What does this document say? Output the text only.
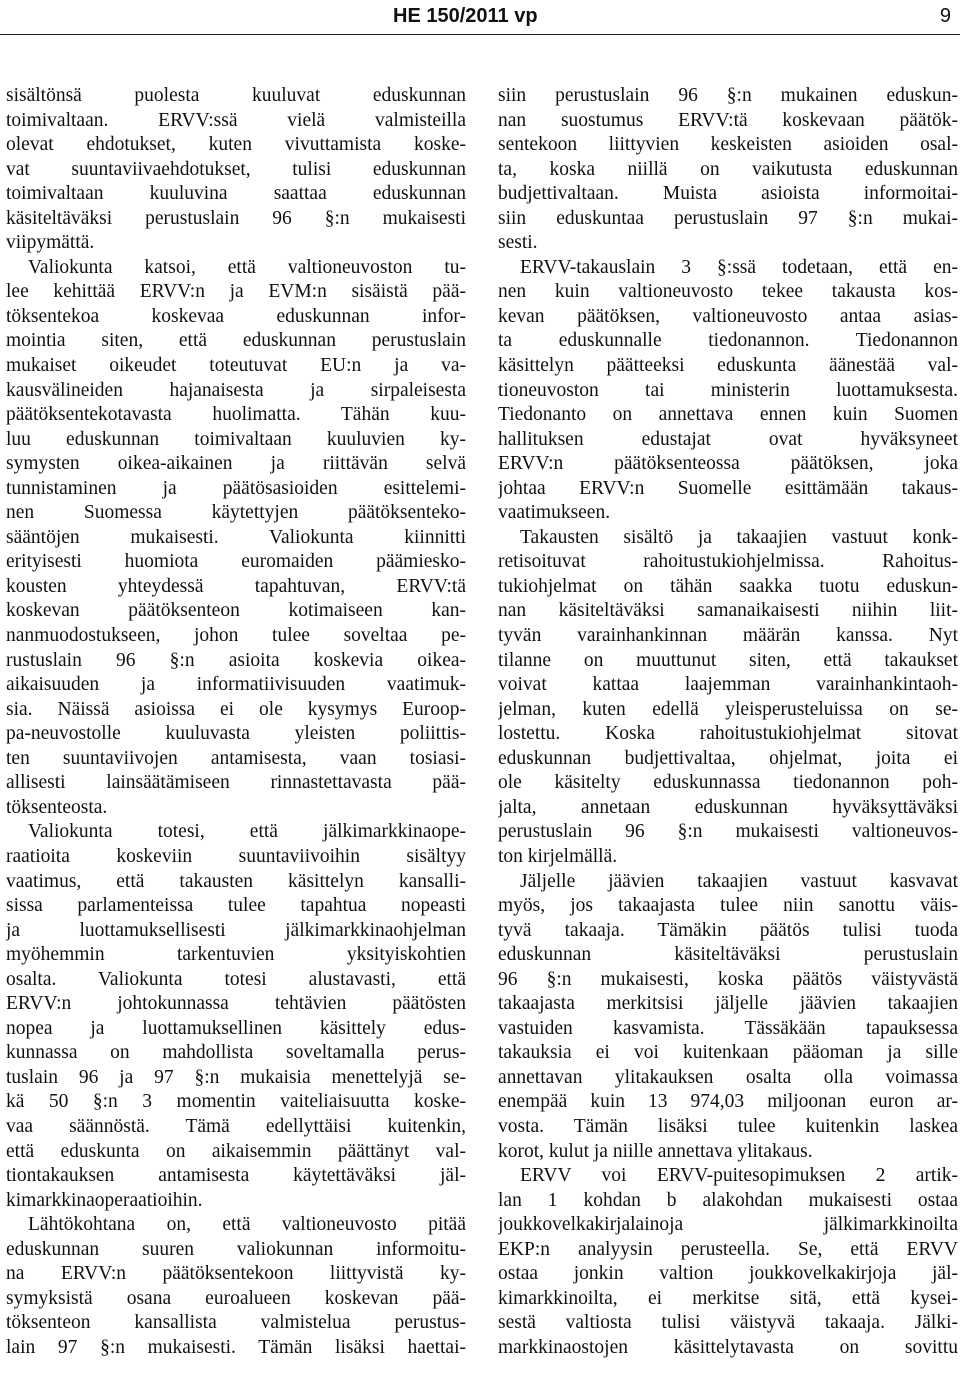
HE 150/2011 vp	9
sisältönsä puolesta kuuluvat eduskunnan
toimivaltaan. ERVV:ssä vielä valmisteilla
olevat ehdotukset, kuten vivuttamista koske-
vat suuntaviivaehdotukset, tulisi eduskunnan
toimivaltaan kuuluvina saattaa eduskunnan
käsiteltäväksi perustuslain 96 §:n mukaisesti
viipymättä.
Valiokunta katsoi, että valtioneuvoston tu-
lee kehittää ERVV:n ja EVM:n sisäistä pää-
töksentekoa koskevaa eduskunnan infor-
mointia siten, että eduskunnan perustuslain
mukaiset oikeudet toteutuvat EU:n ja va-
kausvälineiden hajanaisesta ja sirpaleisesta
päätöksentekotavasta huolimatta. Tähän kuu-
luu eduskunnan toimivaltaan kuuluvien ky-
symysten oikea-aikainen ja riittävän selvä
tunnistaminen ja päätösasioiden esittelemi-
nen Suomessa käytettyjen päätöksenteko-
sääntöjen mukaisesti. Valiokunta kiinnitti
erityisesti huomiota euromaiden päämiesko-
kousten yhteydessä tapahtuvan, ERVV:tä
koskevan päätöksenteon kotimaiseen kan-
nanmuodostukseen, johon tulee soveltaa pe-
rustuslain 96 §:n asioita koskevia oikea-
aikaisuuden ja informatiivisuuden vaatimuk-
sia. Näissä asioissa ei ole kysymys Euroop-
pa-neuvostolle kuuluvasta yleisten poliittis-
ten suuntaviivojen antamisesta, vaan tosiasi-
allisesti lainsäätämiseen rinnastettavasta pää-
töksenteosta.
Valiokunta totesi, että jälkimarkkinaope-
raatioita koskeviin suuntaviivoihin sisältyy
vaatimus, että takausten käsittelyn kansalli-
sissa parlamenteissa tulee tapahtua nopeasti
ja luottamuksellisesti jälkimarkkinaohjelman
myöhemmin tarkentuvien yksityiskohtien
osalta. Valiokunta totesi alustavasti, että
ERVV:n johtokunnassa tehtävien päätösten
nopea ja luottamuksellinen käsittely edus-
kunnassa on mahdollista soveltamalla perus-
tuslain 96 ja 97 §:n mukaisia menettelyjä se-
kä 50 §:n 3 momentin vaiteliaisuutta koske-
vaa säännöstä. Tämä edellyttäisi kuitenkin,
että eduskunta on aikaisemmin päättänyt val-
tiontakauksen antamisesta käytettäväksi jäl-
kimarkkinaoperaatioihin.
Lähtökohtana on, että valtioneuvosto pitää
eduskunnan suuren valiokunnan informoitu-
na ERVV:n päätöksentekoon liittyvistä ky-
symyksistä osana euroalueen koskevan pää-
töksenteon kansallista valmistelua perustus-
lain 97 §:n mukaisesti. Tämän lisäksi haettai-
siin perustuslain 96 §:n mukainen eduskun-
nan suostumus ERVV:tä koskevaan päätök-
sentekoon liittyvien keskeisten asioiden osal-
ta, koska niillä on vaikutusta eduskunnan
budjettivaltaan. Muista asioista informoitai-
siin eduskuntaa perustuslain 97 §:n mukai-
sesti.
ERVV-takauslain 3 §:ssä todetaan, että en-
nen kuin valtioneuvosto tekee takausta kos-
kevan päätöksen, valtioneuvosto antaa asias-
ta eduskunnalle tiedonannon. Tiedonannon
käsittelyn päätteeksi eduskunta äänestää val-
tioneuvoston tai ministerin luottamuksesta.
Tiedonanto on annettava ennen kuin Suomen
hallituksen edustajat ovat hyväksyneet
ERVV:n päätöksenteossa päätöksen, joka
johtaa ERVV:n Suomelle esittämään takaus-
vaatimukseen.
Takausten sisältö ja takaajien vastuut konk-
retisoituvat rahoitustukiohjelmissa. Rahoitus-
tukiohjelmat on tähän saakka tuotu eduskun-
nan käsiteltäväksi samanaikaisesti niihin liit-
tyvän varainhankinnan määrän kanssa. Nyt
tilanne on muuttunut siten, että takaukset
voivat kattaa laajemman varainhankintaoh-
jelman, kuten edellä yleisperusteluissa on se-
lostettu. Koska rahoitustukiohjelmat sitovat
eduskunnan budjettivaltaa, ohjelmat, joita ei
ole käsitelty eduskunnassa tiedonannon poh-
jalta, annetaan eduskunnan hyväksyttäväksi
perustuslain 96 §:n mukaisesti valtioneuvos-
ton kirjelmällä.
Jäljelle jäävien takaajien vastuut kasvavat
myös, jos takaajasta tulee niin sanottu väis-
tyvä takaaja. Tämäkin päätös tulisi tuoda
eduskunnan käsiteltäväksi perustuslain
96 §:n mukaisesti, koska päätös väistyvästä
takaajasta merkitsisi jäljelle jäävien takaajien
vastuiden kasvamista. Tässäkään tapauksessa
takauksia ei voi kuitenkaan pääoman ja sille
annettavan ylitakauksen osalta olla voimassa
enempää kuin 13 974,03 miljoonan euron ar-
vosta. Tämän lisäksi tulee kuitenkin laskea
korot, kulut ja niille annettava ylitakaus.
ERVV voi ERVV-puitesopimuksen 2 artik-
lan 1 kohdan b alakohdan mukaisesti ostaa
joukkovelkakirjalainoja jälkimarkkinoilta
EKP:n analyysin perusteella. Se, että ERVV
ostaa jonkin valtion joukkovelkakirjoja jäl-
kimarkkinoilta, ei merkitse sitä, että kysei-
sestä valtiosta tulisi väistyvä takaaja. Jälki-
markkinaostojen käsittelytavasta on sovittu
